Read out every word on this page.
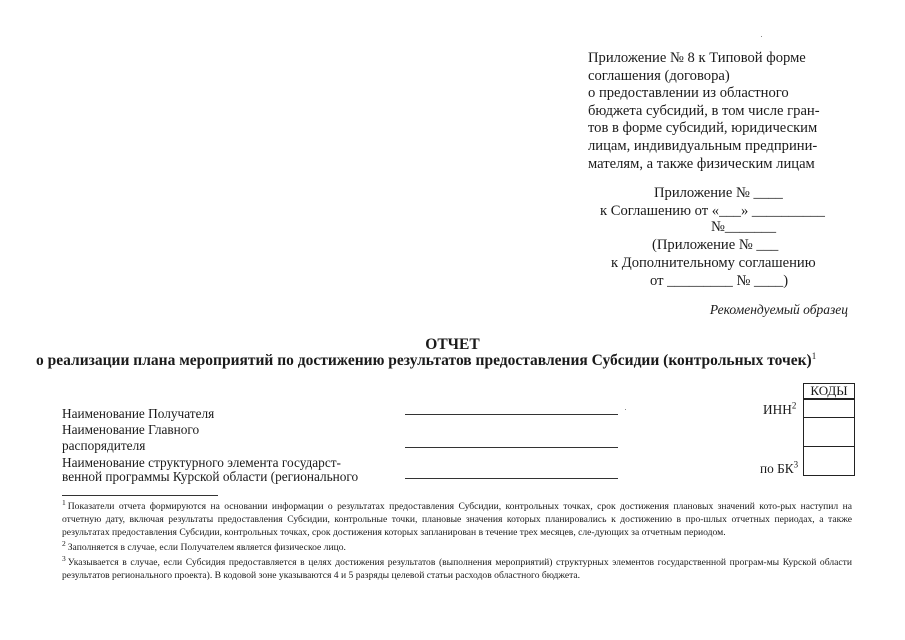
Приложение № 8 к Типовой форме
соглашения (договора)
о предоставлении из областного
бюджета субсидий, в том числе гран-
тов в форме субсидий, юридическим
лицам, индивидуальным предприни-
мателям, а также физическим лицам
Приложение № ____
к Соглашению от «___» __________
№_______
(Приложение № ___
к Дополнительному соглашению
от _________ № ____)
Рекомендуемый образец
ОТЧЕТ
о реализации плана мероприятий по достижению результатов предоставления Субсидии (контрольных точек)$^1$
Наименование Получателя
Наименование Главного
распорядителя
Наименование структурного элемента государст-
венной программы Курской области (регионального
КОДЫ
ИНН$^2$
по $БК^3$

$^1$ Показатели отчета формируются на основании информации о результатах предоставления Субсидии, контрольных точках, срок достижения плановых значений кото-рых наступил на отчетную дату, включая результаты предоставления Субсидии, контрольные точки, плановые значения которых планировались к достижению в про-шлых отчетных периодах, а также результатах предоставления Субсидии, контрольных точках, срок достижения которых запланирован в течение трех месяцев, сле-дующих за отчетным периодом.

$^2$ Заполняется в случае, если Получателем является физическое лицо.

$^3$ Указывается в случае, если Субсидия предоставляется в целях достижения результатов (выполнения мероприятий) структурных элементов государственной програм-мы Курской области результатов регионального проекта). В кодовой зоне указываются 4 и 5 разряды целевой статьи расходов областного бюджета.
